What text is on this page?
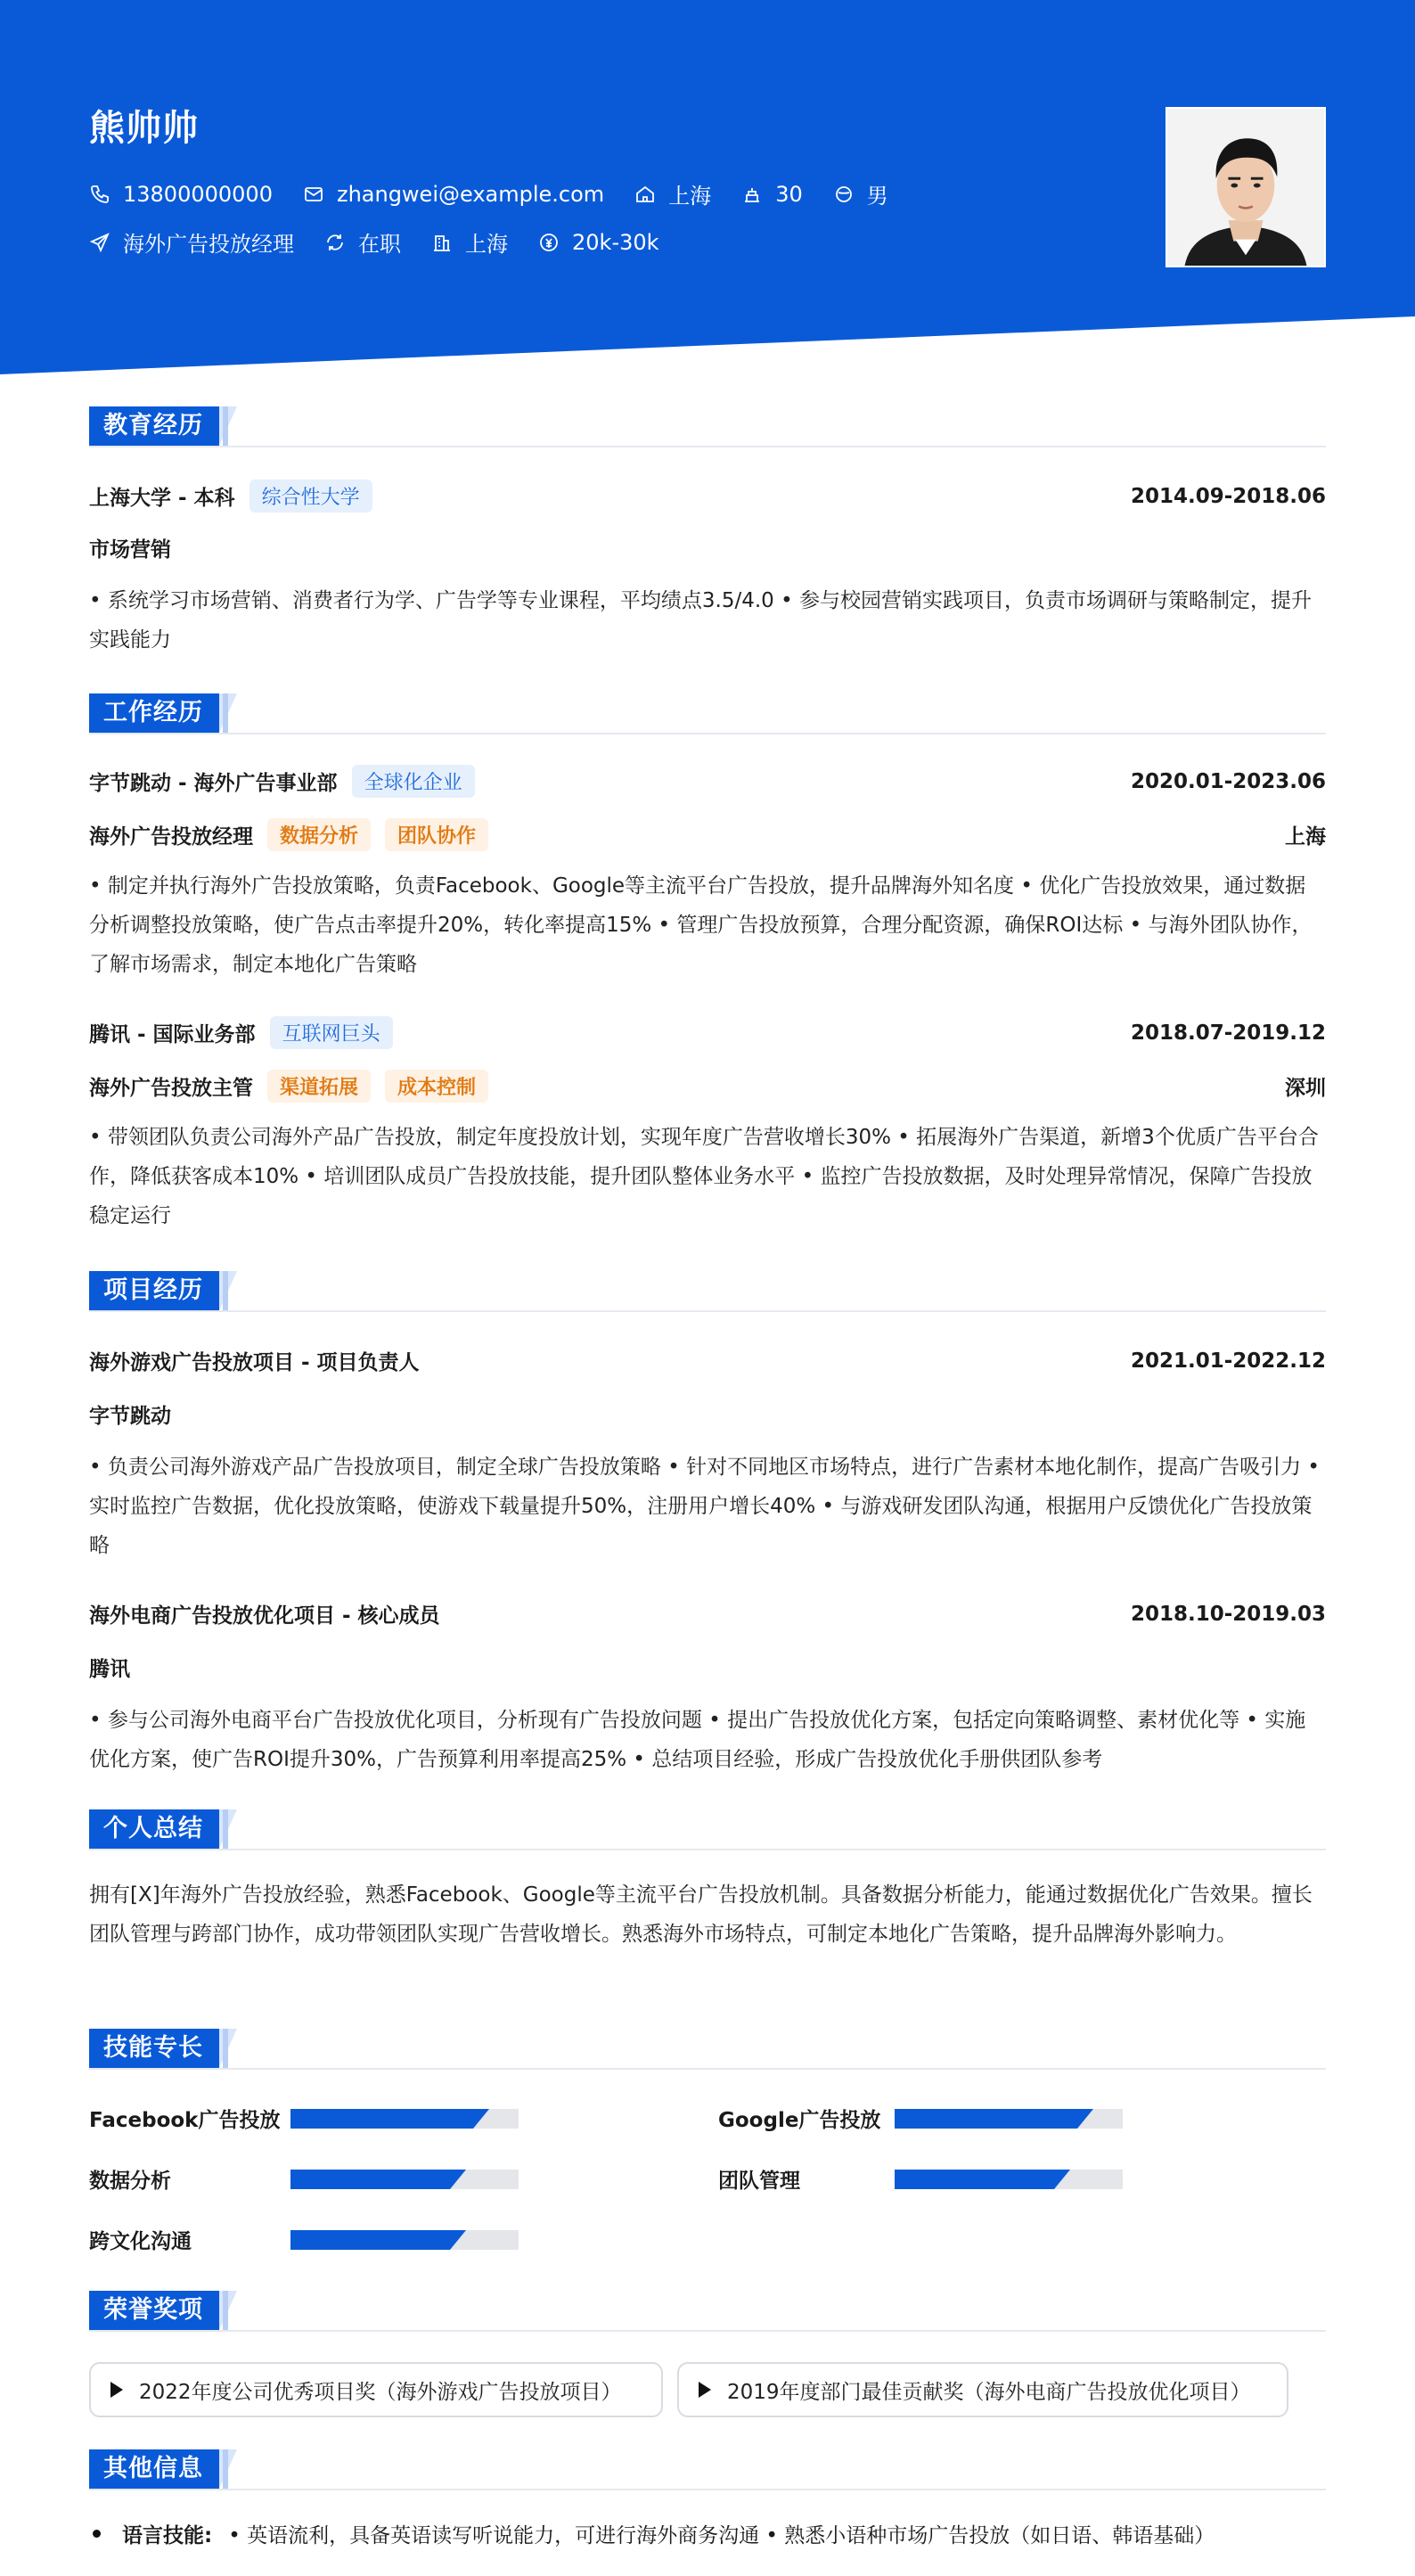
熊帅帅
13800000000	zhangwei@example.com	上海	30	男
海外广告投放经理	在职	上海	20k-30k
教育经历
上海大学 - 本科	综合性大学	2014.09-2018.06
市场营销
• 系统学习市场营销、消费者行为学、广告学等专业课程，平均绩点3.5/4.0 • 参与校园营销实践项目，负责市场调研与策略制定，提升实践能力
工作经历
字节跳动 - 海外广告事业部	全球化企业	2020.01-2023.06
海外广告投放经理	数据分析	团队协作	上海
• 制定并执行海外广告投放策略，负责Facebook、Google等主流平台广告投放，提升品牌海外知名度 • 优化广告投放效果，通过数据分析调整投放策略，使广告点击率提升20%，转化率提高15% • 管理广告投放预算，合理分配资源，确保ROI达标 • 与海外团队协作，了解市场需求，制定本地化广告策略
腾讯 - 国际业务部	互联网巨头	2018.07-2019.12
海外广告投放主管	渠道拓展	成本控制	深圳
• 带领团队负责公司海外产品广告投放，制定年度投放计划，实现年度广告营收增长30% • 拓展海外广告渠道，新增3个优质广告平台合作，降低获客成本10% • 培训团队成员广告投放技能，提升团队整体业务水平 • 监控广告投放数据，及时处理异常情况，保障广告投放稳定运行
项目经历
海外游戏广告投放项目 - 项目负责人	2021.01-2022.12
字节跳动
• 负责公司海外游戏产品广告投放项目，制定全球广告投放策略 • 针对不同地区市场特点，进行广告素材本地化制作，提高广告吸引力 • 实时监控广告数据，优化投放策略，使游戏下载量提升50%，注册用户增长40% • 与游戏研发团队沟通，根据用户反馈优化广告投放策略
海外电商广告投放优化项目 - 核心成员	2018.10-2019.03
腾讯
• 参与公司海外电商平台广告投放优化项目，分析现有广告投放问题 • 提出广告投放优化方案，包括定向策略调整、素材优化等 • 实施优化方案，使广告ROI提升30%，广告预算利用率提高25% • 总结项目经验，形成广告投放优化手册供团队参考
个人总结
拥有[X]年海外广告投放经验，熟悉Facebook、Google等主流平台广告投放机制。具备数据分析能力，能通过数据优化广告效果。擅长团队管理与跨部门协作，成功带领团队实现广告营收增长。熟悉海外市场特点，可制定本地化广告策略，提升品牌海外影响力。
技能专长
Facebook广告投放	Google广告投放
数据分析	团队管理
跨文化沟通
荣誉奖项
2022年度公司优秀项目奖（海外游戏广告投放项目）	2019年度部门最佳贡献奖（海外电商广告投放优化项目）
其他信息
语言技能: • 英语流利，具备英语读写听说能力，可进行海外商务沟通 • 熟悉小语种市场广告投放（如日语、韩语基础）
